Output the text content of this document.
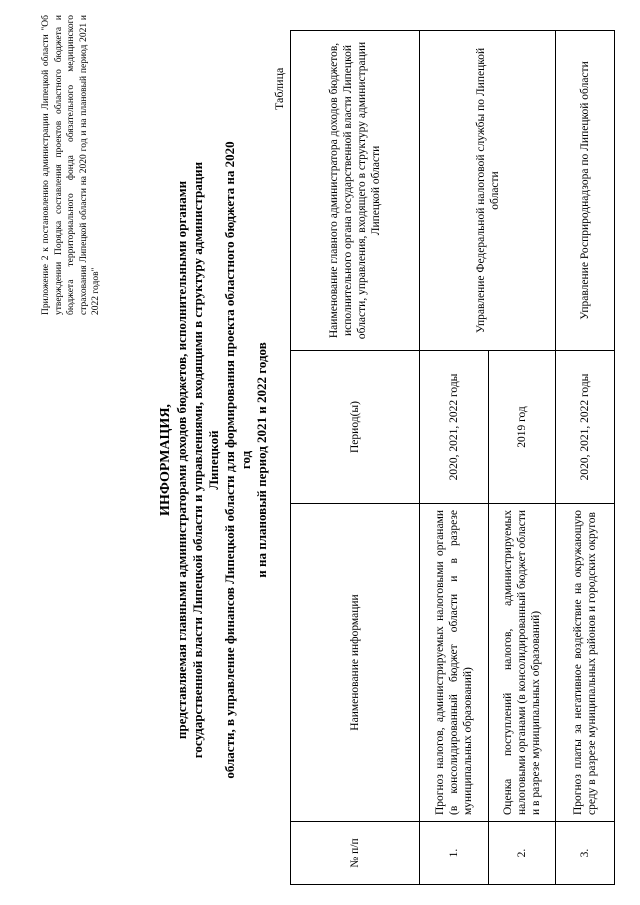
Приложение 2 к постановлению администрации Липецкой области "Об утверждении Порядка составления проектов областного бюджета и бюджета территориального фонда обязательного медицинского страхования Липецкой области на 2020 год и на плановый период 2021 и 2022 годов"
ИНФОРМАЦИЯ, представляемая главными администраторами доходов бюджетов, исполнительными органами государственной власти Липецкой области и управлениями, входящими в структуру администрации Липецкой области, в управление финансов Липецкой области для формирования проекта областного бюджета на 2020 год и на плановый период 2021 и 2022 годов
Таблица
№ п/п	Наименование информации	Период(ы)	Наименование главного администратора доходов бюджетов, исполнительного органа государственной власти Липецкой области, управления, входящего в структуру администрации Липецкой области
1.	Прогноз налогов, администрируемых налоговыми органами (в консолидированный бюджет области и в разрезе муниципальных образований)	2020, 2021, 2022 годы	Управление Федеральной налоговой службы по Липецкой области
2.	Оценка поступлений налогов, администрируемых налоговыми органами (в консолидированный бюджет области и в разрезе муниципальных образований)	2019 год	
3.	Прогноз платы за негативное воздействие на окружающую среду в разрезе муниципальных районов и городских округов	2020, 2021, 2022 годы	Управление Росприроднадзора по Липецкой области
